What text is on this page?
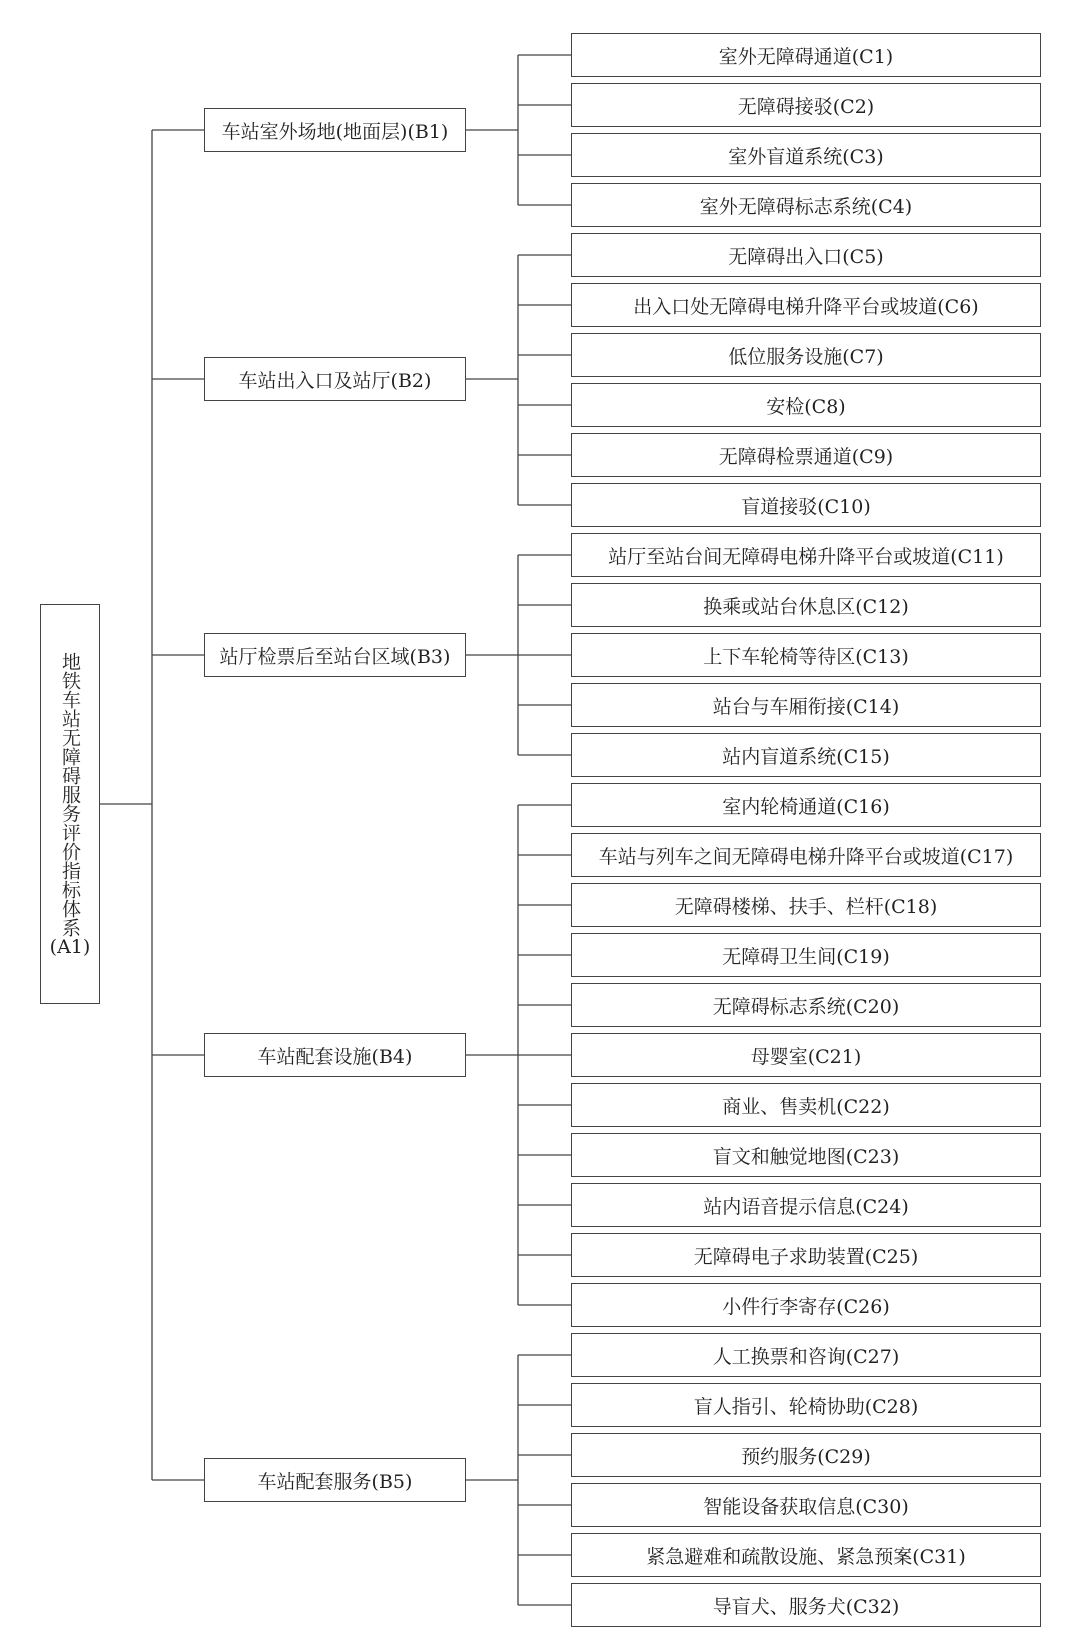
地铁车站无障碍服务评价指标体系
(A1)
车站室外场地(地面层)(B1)
室外无障碍通道(C1)
无障碍接驳(C2)
室外盲道系统(C3)
室外无障碍标志系统(C4)
车站出入口及站厅(B2)
无障碍出入口(C5)
出入口处无障碍电梯升降平台或坡道(C6)
低位服务设施(C7)
安检(C8)
无障碍检票通道(C9)
盲道接驳(C10)
站厅检票后至站台区域(B3)
站厅至站台间无障碍电梯升降平台或坡道(C11)
换乘或站台休息区(C12)
上下车轮椅等待区(C13)
站台与车厢衔接(C14)
站内盲道系统(C15)
车站配套设施(B4)
室内轮椅通道(C16)
车站与列车之间无障碍电梯升降平台或坡道(C17)
无障碍楼梯、扶手、栏杆(C18)
无障碍卫生间(C19)
无障碍标志系统(C20)
母婴室(C21)
商业、售卖机(C22)
盲文和触觉地图(C23)
站内语音提示信息(C24)
无障碍电子求助装置(C25)
小件行李寄存(C26)
车站配套服务(B5)
人工换票和咨询(C27)
盲人指引、轮椅协助(C28)
预约服务(C29)
智能设备获取信息(C30)
紧急避难和疏散设施、紧急预案(C31)
导盲犬、服务犬(C32)
